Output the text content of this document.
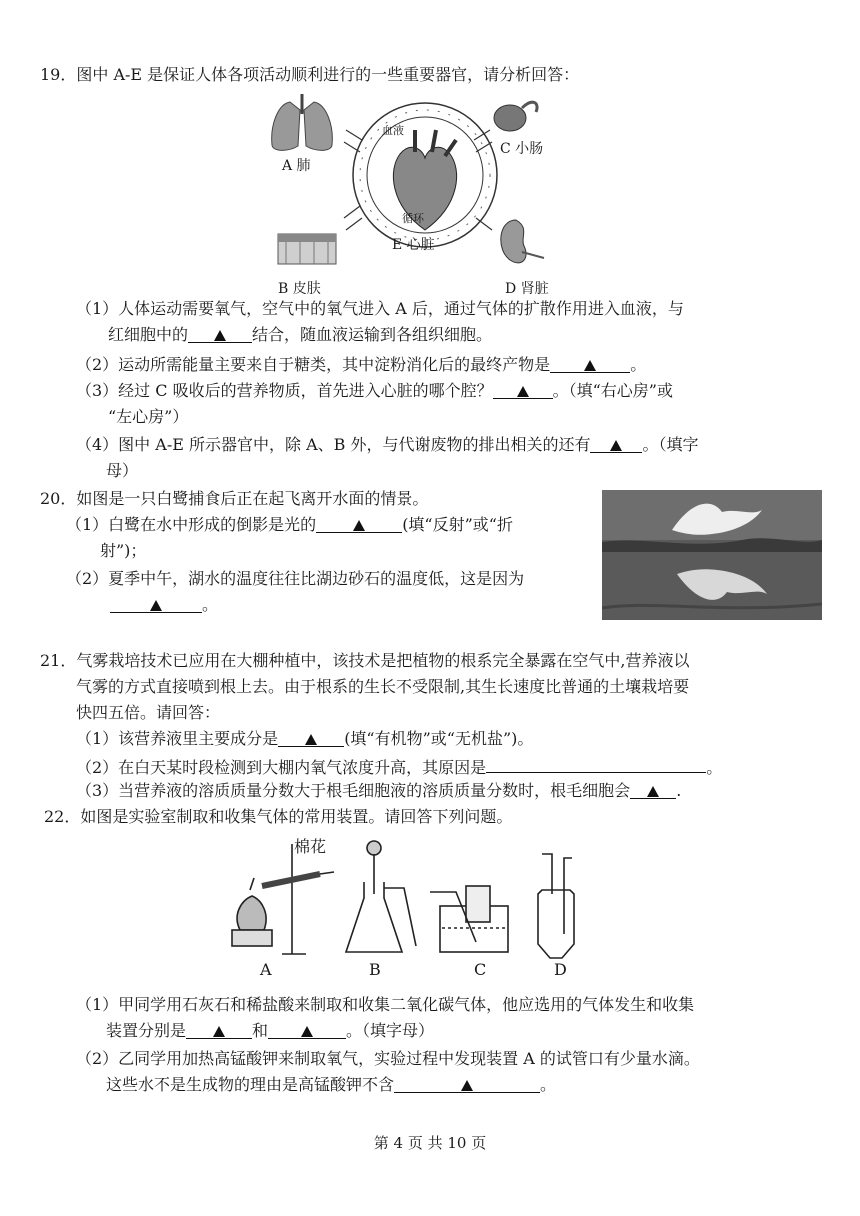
19．图中 A-E 是保证人体各项活动顺利进行的一些重要器官，请分析回答：
血液
循环
A 肺
C 小肠
E 心脏
B 皮肤	D 肾脏
（1）人体运动需要氧气，空气中的氧气进入 A 后，通过气体的扩散作用进入血液，与
红细胞中的	结合，随血液运输到各组织细胞。
（2）运动所需能量主要来自于糖类，其中淀粉消化后的最终产物是	。
（3）经过 C 吸收后的营养物质，首先进入心脏的哪个腔？	。（填“右心房”或
“左心房”）
（4）图中 A-E 所示器官中，除 A、B 外，与代谢废物的排出相关的还有	。（填字
母）
20．如图是一只白鹭捕食后正在起飞离开水面的情景。
（1）白鹭在水中形成的倒影是光的	(填“反射”或“折
射”)；
（2）夏季中午，湖水的温度往往比湖边砂石的温度低，这是因为
。
21．气雾栽培技术已应用在大棚种植中，该技术是把植物的根系完全暴露在空气中,营养液以
气雾的方式直接喷到根上去。由于根系的生长不受限制,其生长速度比普通的土壤栽培要
快四五倍。请回答：
（1）该营养液里主要成分是	(填“有机物”或“无机盐”)。
（2）在白天某时段检测到大棚内氧气浓度升高，其原因是	。
（3）当营养液的溶质质量分数大于根毛细胞液的溶质质量分数时，根毛细胞会	.
22．如图是实验室制取和收集气体的常用装置。请回答下列问题。
棉花
A	B	C	D
（1）甲同学用石灰石和稀盐酸来制取和收集二氧化碳气体，他应选用的气体发生和收集
装置分别是	和	。（填字母）
（2）乙同学用加热高锰酸钾来制取氧气，实验过程中发现装置 A 的试管口有少量水滴。
这些水不是生成物的理由是高锰酸钾不含	。
第 4 页 共 10 页
